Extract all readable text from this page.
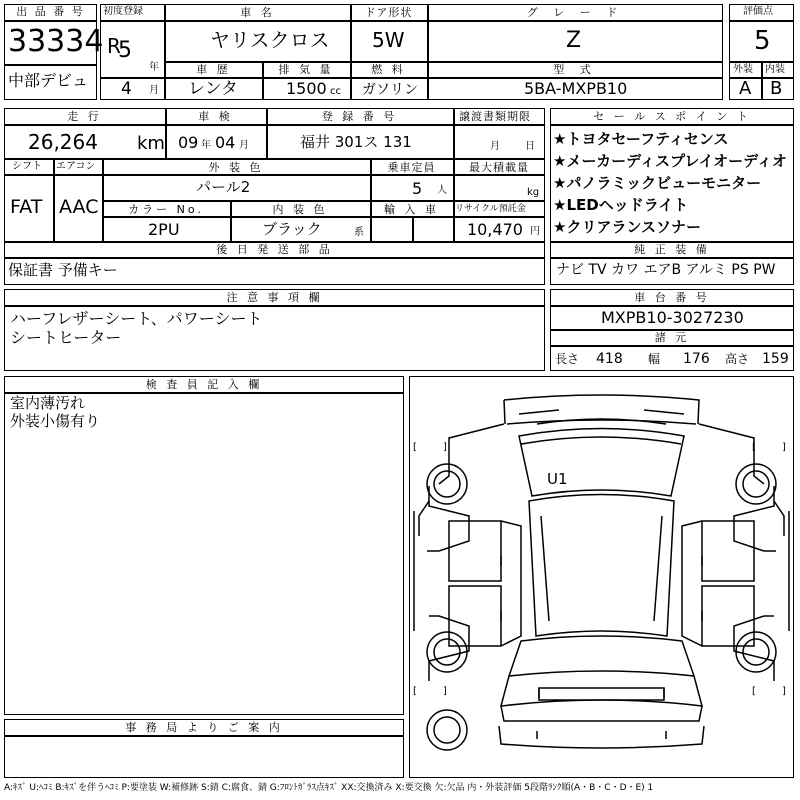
出 品 番 号
33334
中部デビュ
初度登録
R
5
年
4 月
車 名
ヤリスクロス
ドア形状
5W
グ レ ー ド
Z
車 歴
レンタ
排 気 量
1500 cc
燃 料
ガソリン
型 式
5BA-MXPB10
評価点
5
外装 内装
A B
走 行
26,264 km
車 検
09 年 04 月
登 録 番 号
福井 301ス 131
譲渡書類期限
月	日
シフト
FAT
エアコン
AAC
外 装 色
パール2
乗車定員
5 人
最大積載量
kg
カラー No.
2PU
内 装 色
ブラック	系
輸 入 車	リサイクル預託金
10,470 円
後 日 発 送 部 品
保証書 予備キー
セ ー ル ス ポ イ ン ト
★トヨタセーフティセンス
★メーカーディスプレイオーディオ
★パノラミックビューモニター
★LEDヘッドライト
★クリアランスソナー
純 正 装 備
ナビ TV カワ エアB アルミ PS PW
注 意 事 項 欄
ハーフレザーシート、パワーシート
シートヒーター
車 台 番 号
MXPB10-3027230
諸 元
長さ 418 幅 176 高さ 159
検 査 員 記 入 欄
室内薄汚れ
外装小傷有り
事 務 局 よ り ご 案 内
U1
[	]	[	]
[	]	[	]
A:ｷｽﾞ U:ﾍｺﾐ B:ｷｽﾞを伴うﾍｺﾐ P:要塗装 W:補修跡 S:錆 C:腐食、錆 G:ﾌﾛﾝﾄｶﾞﾗｽ点ｷｽﾞ XX:交換済み X:要交換 欠:欠品 内・外装評価 5段階ﾗﾝｸ順(A・B・C・D・E) 1
